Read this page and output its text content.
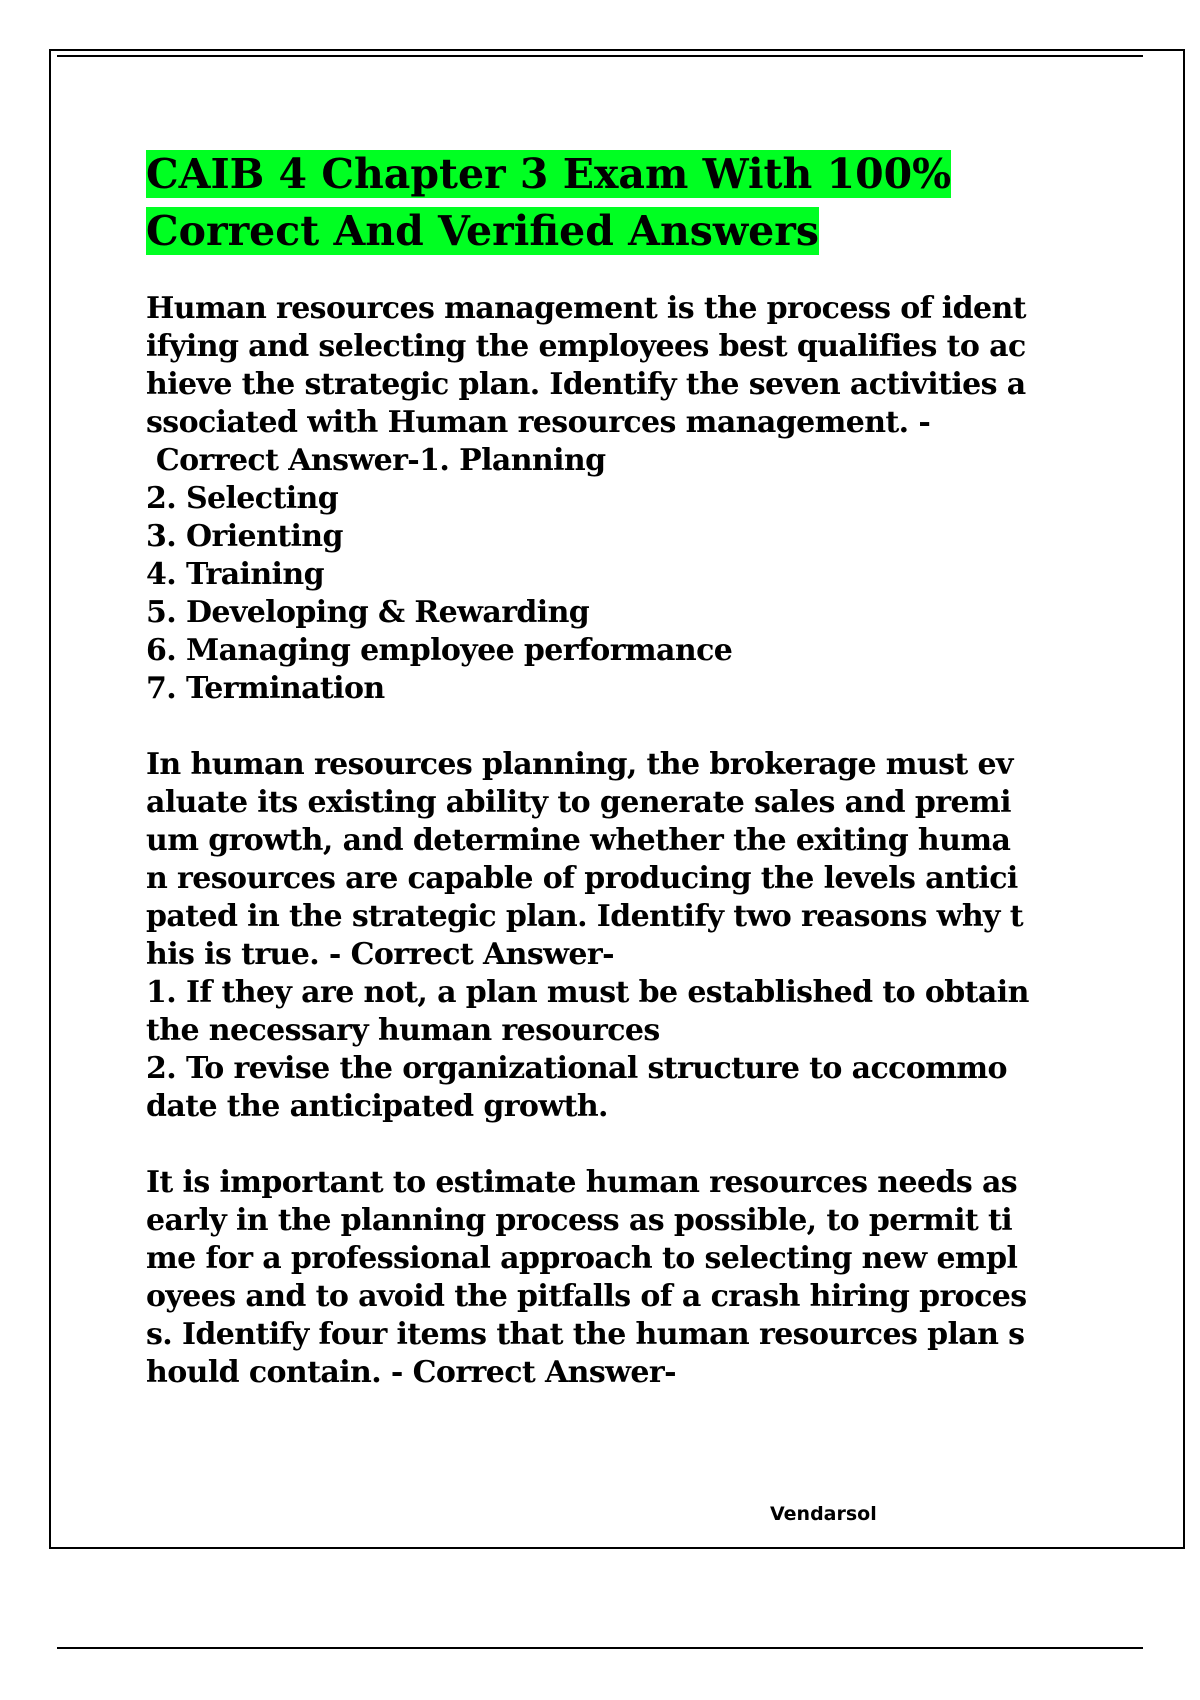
CAIB 4 Chapter 3 Exam With 100% Correct And Verified Answers
Human resources management is the process of ident
ifying and selecting the employees best qualifies to ac
hieve the strategic plan. Identify the seven activities a
ssociated with Human resources management. -
Correct Answer-1. Planning
2. Selecting
3. Orienting
4. Training
5. Developing & Rewarding
6. Managing employee performance
7. Termination
In human resources planning, the brokerage must ev
aluate its existing ability to generate sales and premi
um growth, and determine whether the exiting huma
n resources are capable of producing the levels antici
pated in the strategic plan. Identify two reasons why t
his is true. - Correct Answer-
1. If they are not, a plan must be established to obtain
the necessary human resources
2. To revise the organizational structure to accommo
date the anticipated growth.
It is important to estimate human resources needs as
early in the planning process as possible, to permit ti
me for a professional approach to selecting new empl
oyees and to avoid the pitfalls of a crash hiring proces
s. Identify four items that the human resources plan s
hould contain. - Correct Answer-
Vendarsol
